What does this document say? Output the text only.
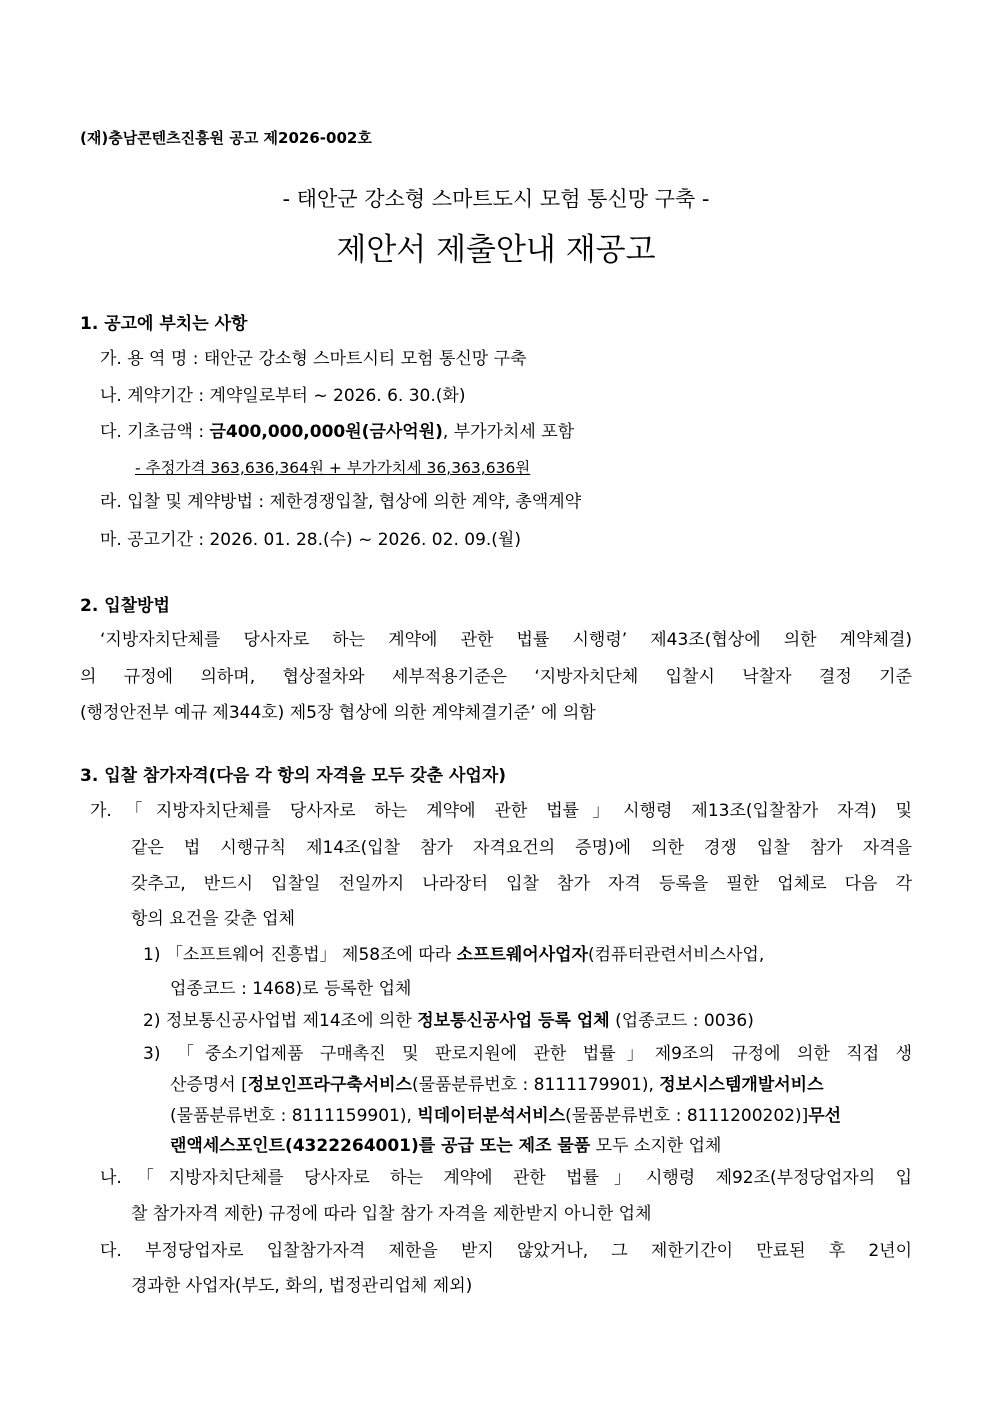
(재)충남콘텐츠진흥원 공고 제2026-002호
- 태안군 강소형 스마트도시 모험 통신망 구축 -
제안서 제출안내 재공고
1. 공고에 부치는 사항
가. 용 역 명 : 태안군 강소형 스마트시티 모험 통신망 구축
나. 계약기간 : 계약일로부터 ~ 2026. 6. 30.(화)
다. 기초금액 : 금400,000,000원(금사억원), 부가가치세 포함
- 추정가격 363,636,364원 + 부가가치세 36,363,636원
라. 입찰 및 계약방법 : 제한경쟁입찰, 협상에 의한 계약, 총액계약
마. 공고기간 : 2026. 01. 28.(수) ~ 2026. 02. 09.(월)
2. 입찰방법
‘지방자치단체를 당사자로 하는 계약에 관한 법률 시행령’ 제43조(협상에 의한 계약체결)
의 규정에 의하며, 협상절차와 세부적용기준은 ‘지방자치단체 입찰시 낙찰자 결정 기준
(행정안전부 예규 제344호) 제5장 협상에 의한 계약체결기준’ 에 의함
3. 입찰 참가자격(다음 각 항의 자격을 모두 갖춘 사업자)
가.「지방자치단체를 당사자로 하는 계약에 관한 법률」시행령 제13조(입찰참가 자격) 및
같은 법 시행규칙 제14조(입찰 참가 자격요건의 증명)에 의한 경쟁 입찰 참가 자격을
갖추고, 반드시 입찰일 전일까지 나라장터 입찰 참가 자격 등록을 필한 업체로 다음 각
항의 요건을 갖춘 업체
1) 「소프트웨어 진흥법」 제58조에 따라 소프트웨어사업자(컴퓨터관련서비스사업,
업종코드 : 1468)로 등록한 업체
2) 정보통신공사업법 제14조에 의한 정보통신공사업 등록 업체 (업종코드 : 0036)
3) 「중소기업제품 구매촉진 및 판로지원에 관한 법률」제9조의 규정에 의한 직접 생
산증명서 [정보인프라구축서비스(물품분류번호 : 8111179901), 정보시스템개발서비스
(물품분류번호 : 8111159901), 빅데이터분석서비스(물품분류번호 : 8111200202)]무선
랜액세스포인트(4322264001)를 공급 또는 제조 물품 모두 소지한 업체
나.「지방자치단체를 당사자로 하는 계약에 관한 법률」시행령 제92조(부정당업자의 입
찰 참가자격 제한) 규정에 따라 입찰 참가 자격을 제한받지 아니한 업체
다. 부정당업자로 입찰참가자격 제한을 받지 않았거나, 그 제한기간이 만료된 후 2년이
경과한 사업자(부도, 화의, 법정관리업체 제외)
